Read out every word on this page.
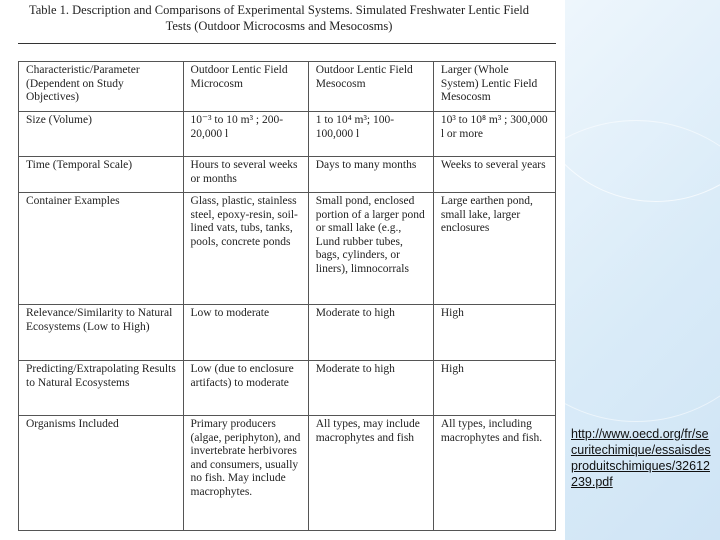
Table 1. Description and Comparisons of Experimental Systems. Simulated Freshwater Lentic Field
Tests (Outdoor Microcosms and Mesocosms)
Characteristic/Parameter (Dependent on Study Objectives)	Outdoor Lentic Field Microcosm	Outdoor Lentic Field Mesocosm	Larger (Whole System) Lentic Field Mesocosm
Size (Volume)	10⁻³ to 10 m³ ; 200-20,000 l	1 to 10⁴ m³; 100-100,000 l	10³ to 10⁸ m³ ; 300,000 l or more
Time (Temporal Scale)	Hours to several weeks or months	Days to many months	Weeks to several years
Container Examples	Glass, plastic, stainless steel, epoxy-resin, soil-lined vats, tubs, tanks, pools, concrete ponds	Small pond, enclosed portion of a larger pond or small lake (e.g., Lund rubber tubes, bags, cylinders, or liners), limnocorrals	Large earthen pond, small lake, larger enclosures
Relevance/Similarity to Natural Ecosystems (Low to High)	Low to moderate	Moderate to high	High
Predicting/Extrapolating Results to Natural Ecosystems	Low (due to enclosure artifacts) to moderate	Moderate to high	High
Organisms Included	Primary producers (algae, periphyton), and invertebrate herbivores and consumers, usually no fish. May include macrophytes.	All types, may include macrophytes and fish	All types, including macrophytes and fish. http://www.oecd.org/fr/securitechimique/essaisdesproduitschimiques/32612239.pdf
